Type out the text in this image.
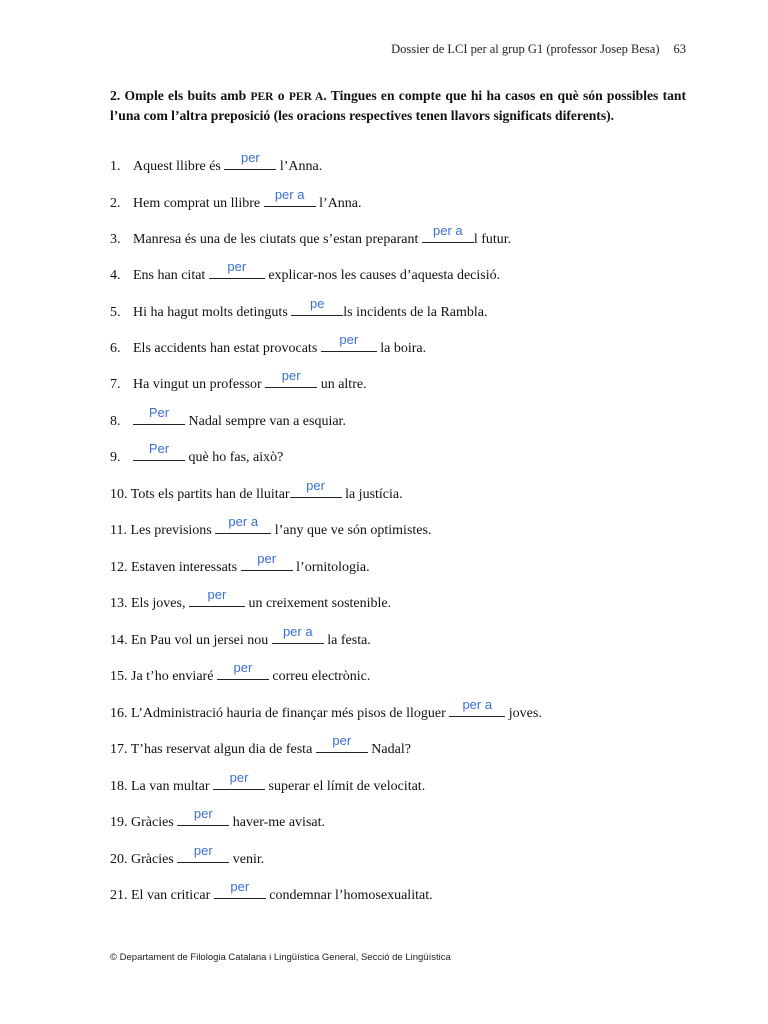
Dossier de LCI per al grup G1 (professor Josep Besa) 63

2. Omple els buits amb PER o PER A. Tingues en compte que hi ha casos en què són possibles tant l’una com l’altra preposició (les oracions respectives tenen llavors significats diferents).

1. Aquest llibre és
per
l’Anna.
2. Hem comprat un llibre
per a
l’Anna.
3. Manresa és una de les ciutats que s’estan preparant
per a
l futur.
4. Ens han citat
per
explicar-nos les causes d’aquesta decisió.
5. Hi ha hagut molts detinguts
pe
ls incidents de la Rambla.
6. Els accidents han estat provocats
per
la boira.
7. Ha vingut un professor
per
un altre.
8.
Per
Nadal sempre van a esquiar.
9.
Per
què ho fas, això?
10. Tots els partits han de lluitar
per
la justícia.
11. Les previsions
per a
l’any que ve són optimistes.
12. Estaven interessats
per
l’ornitologia.
13. Els joves,
per
un creixement sostenible.
14. En Pau vol un jersei nou
per a
la festa.
15. Ja t’ho enviaré
per
correu electrònic.
16. L’Administració hauria de finançar més pisos de lloguer
per a
joves.
17. T’has reservat algun dia de festa
per
Nadal?
18. La van multar
per
superar el límit de velocitat.
19. Gràcies
per
haver-me avisat.
20. Gràcies
per
venir.
21. El van criticar
per
condemnar l’homosexualitat.
© Departament de Filologia Catalana i Lingüística General, Secció de Lingüística
